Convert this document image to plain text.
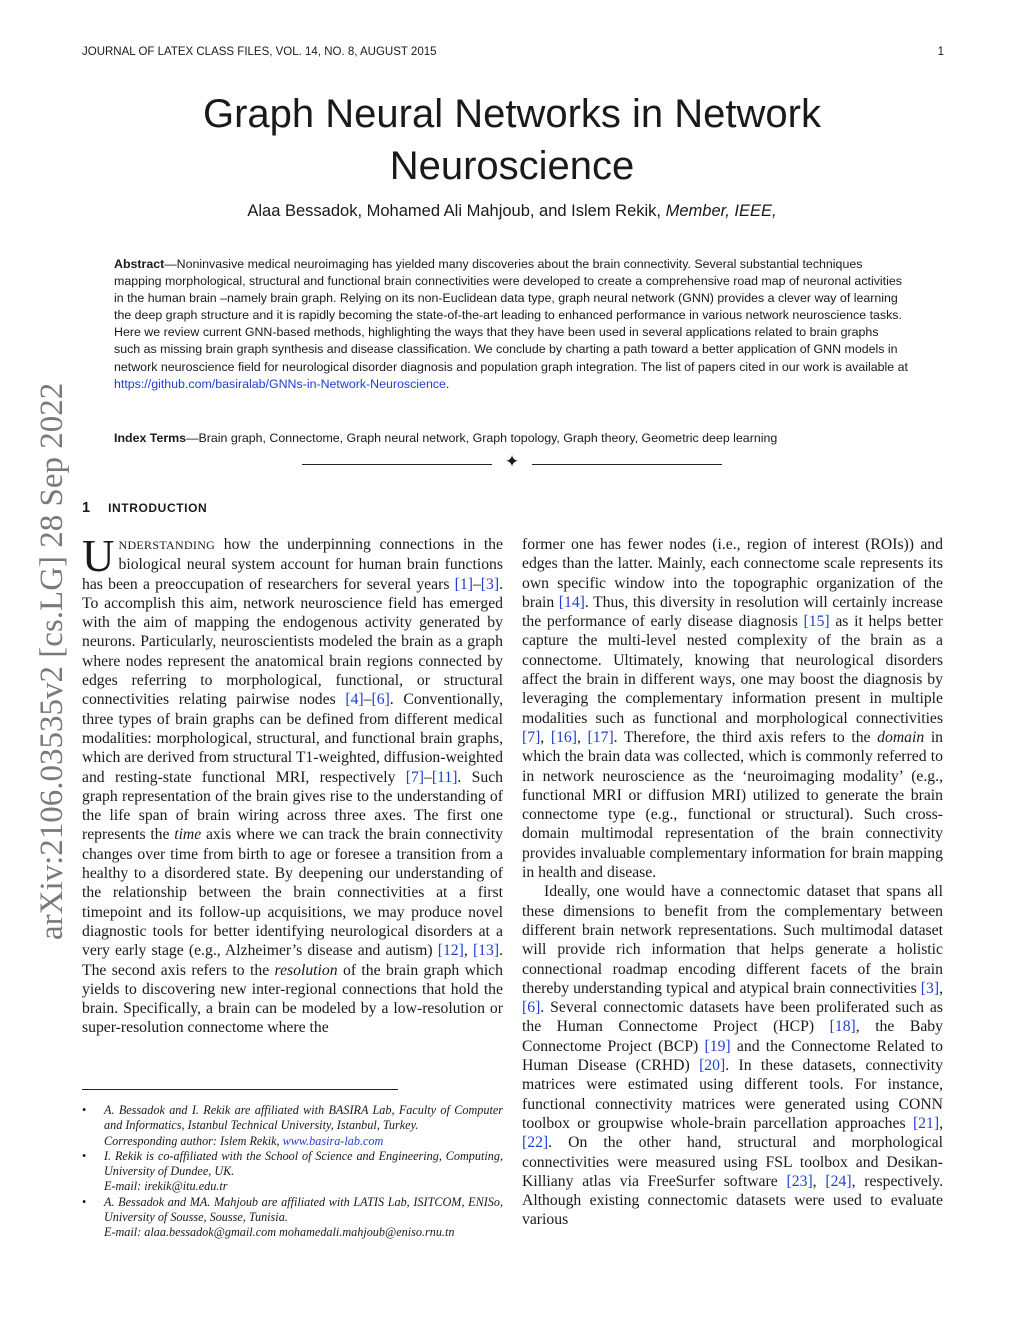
JOURNAL OF LATEX CLASS FILES, VOL. 14, NO. 8, AUGUST 2015	1
arXiv:2106.03535v2 [cs.LG] 28 Sep 2022
Graph Neural Networks in Network
Neuroscience
Alaa Bessadok, Mohamed Ali Mahjoub, and Islem Rekik, Member, IEEE,
Abstract—Noninvasive medical neuroimaging has yielded many discoveries about the brain connectivity. Several substantial techniques mapping morphological, structural and functional brain connectivities were developed to create a comprehensive road map of neuronal activities in the human brain –namely brain graph. Relying on its non-Euclidean data type, graph neural network (GNN) provides a clever way of learning the deep graph structure and it is rapidly becoming the state-of-the-art leading to enhanced performance in various network neuroscience tasks. Here we review current GNN-based methods, highlighting the ways that they have been used in several applications related to brain graphs such as missing brain graph synthesis and disease classification. We conclude by charting a path toward a better application of GNN models in network neuroscience field for neurological disorder diagnosis and population graph integration. The list of papers cited in our work is available at https://github.com/basiralab/GNNs-in-Network-Neuroscience.
Index Terms—Brain graph, Connectome, Graph neural network, Graph topology, Graph theory, Geometric deep learning
✦
1 INTRODUCTION

UNDERSTANDING how the underpinning connections in the biological neural system account for human brain functions has been a preoccupation of researchers for several years [1]–[3]. To accomplish this aim, network neuroscience field has emerged with the aim of mapping the endogenous activity generated by neurons. Particularly, neuroscientists modeled the brain as a graph where nodes represent the anatomical brain regions connected by edges referring to morphological, functional, or structural connectivities relating pairwise nodes [4]–[6]. Conventionally, three types of brain graphs can be defined from different medical modalities: morphological, structural, and functional brain graphs, which are derived from structural T1-weighted, diffusion-weighted and resting-state functional MRI, respectively [7]–[11]. Such graph representation of the brain gives rise to the understanding of the life span of brain wiring across three axes. The first one represents the time axis where we can track the brain connectivity changes over time from birth to age or foresee a transition from a healthy to a disordered state. By deepening our understanding of the relationship between the brain connectivities at a first timepoint and its follow-up acquisitions, we may produce novel diagnostic tools for better identifying neurological disorders at a very early stage (e.g., Alzheimer’s disease and autism) [12], [13]. The second axis refers to the resolution of the brain graph which yields to discovering new inter-regional connections that hold the brain. Specifically, a brain can be modeled by a low-resolution or super-resolution connectome where the

former one has fewer nodes (i.e., region of interest (ROIs)) and edges than the latter. Mainly, each connectome scale represents its own specific window into the topographic organization of the brain [14]. Thus, this diversity in resolution will certainly increase the performance of early disease diagnosis [15] as it helps better capture the multi-level nested complexity of the brain as a connectome. Ultimately, knowing that neurological disorders affect the brain in different ways, one may boost the diagnosis by leveraging the complementary information present in multiple modalities such as functional and morphological connectivities [7], [16], [17]. Therefore, the third axis refers to the domain in which the brain data was collected, which is commonly referred to in network neuroscience as the ‘neuroimaging modality’ (e.g., functional MRI or diffusion MRI) utilized to generate the brain connectome type (e.g., functional or structural). Such cross-domain multimodal representation of the brain connectivity provides invaluable complementary information for brain mapping in health and disease.

Ideally, one would have a connectomic dataset that spans all these dimensions to benefit from the complementary between different brain network representations. Such multimodal dataset will provide rich information that helps generate a holistic connectional roadmap encoding different facets of the brain thereby understanding typical and atypical brain connectivities [3], [6]. Several connectomic datasets have been proliferated such as the Human Connectome Project (HCP) [18], the Baby Connectome Project (BCP) [19] and the Connectome Related to Human Disease (CRHD) [20]. In these datasets, connectivity matrices were estimated using different tools. For instance, functional connectivity matrices were generated using CONN toolbox or groupwise whole-brain parcellation approaches [21], [22]. On the other hand, structural and morphological connectivities were measured using FSL toolbox and Desikan-Killiany atlas via FreeSurfer software [23], [24], respectively. Although existing connectomic datasets were used to evaluate various

• A. Bessadok and I. Rekik are affiliated with BASIRA Lab, Faculty of Computer and Informatics, Istanbul Technical University, Istanbul, Turkey.
Corresponding author: Islem Rekik, www.basira-lab.com
• I. Rekik is co-affiliated with the School of Science and Engineering, Computing, University of Dundee, UK.
E-mail: irekik@itu.edu.tr
• A. Bessadok and MA. Mahjoub are affiliated with LATIS Lab, ISITCOM, ENISo, University of Sousse, Sousse, Tunisia.
E-mail: alaa.bessadok@gmail.com mohamedali.mahjoub@eniso.rnu.tn
